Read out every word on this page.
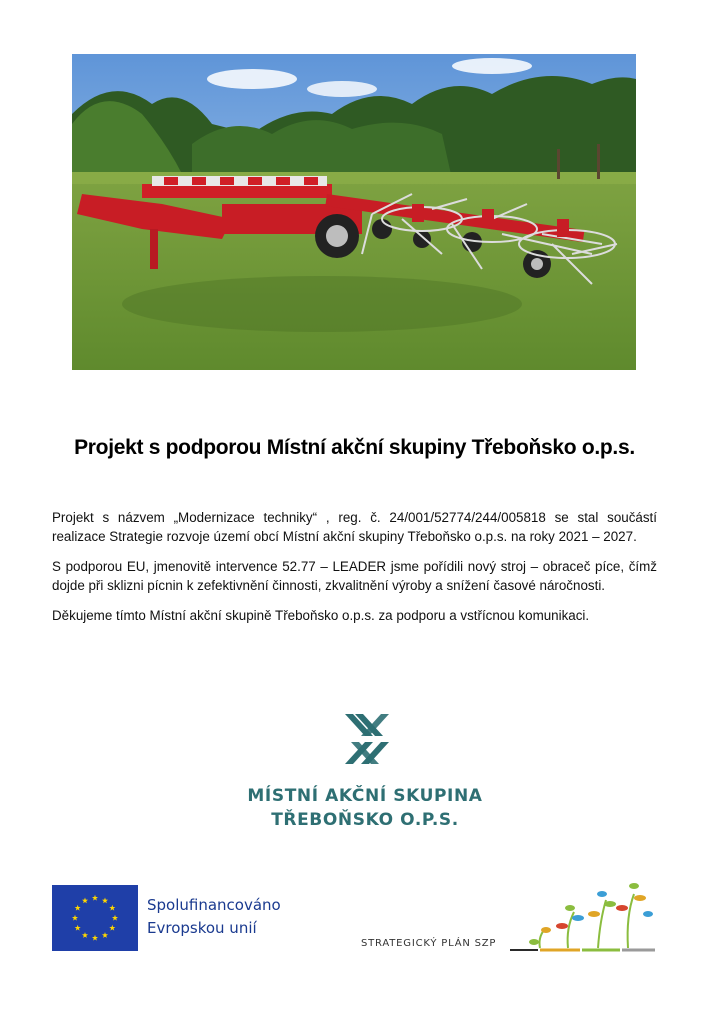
Projekt s podporou Místní akční skupiny Třeboňsko o.p.s.

Projekt s názvem „Modernizace techniky“ , reg. č. 24/001/52774/244/005818 se stal součástí realizace Strategie rozvoje území obcí Místní akční skupiny Třeboňsko o.p.s. na roky 2021 – 2027.

S podporou EU, jmenovitě intervence 52.77 – LEADER jsme pořídili nový stroj – obraceč píce, čímž dojde při sklizni pícnin k zefektivnění činnosti, zkvalitnění výroby a snížení časové náročnosti.

Děkujeme tímto Místní akční skupině Třeboňsko o.p.s. za podporu a vstřícnou komunikaci.

MÍSTNÍ AKČNÍ SKUPINA
TŘEBOŇSKO O.P.S.
Spolufinancováno
Evropskou unií
STRATEGICKÝ PLÁN SZP
